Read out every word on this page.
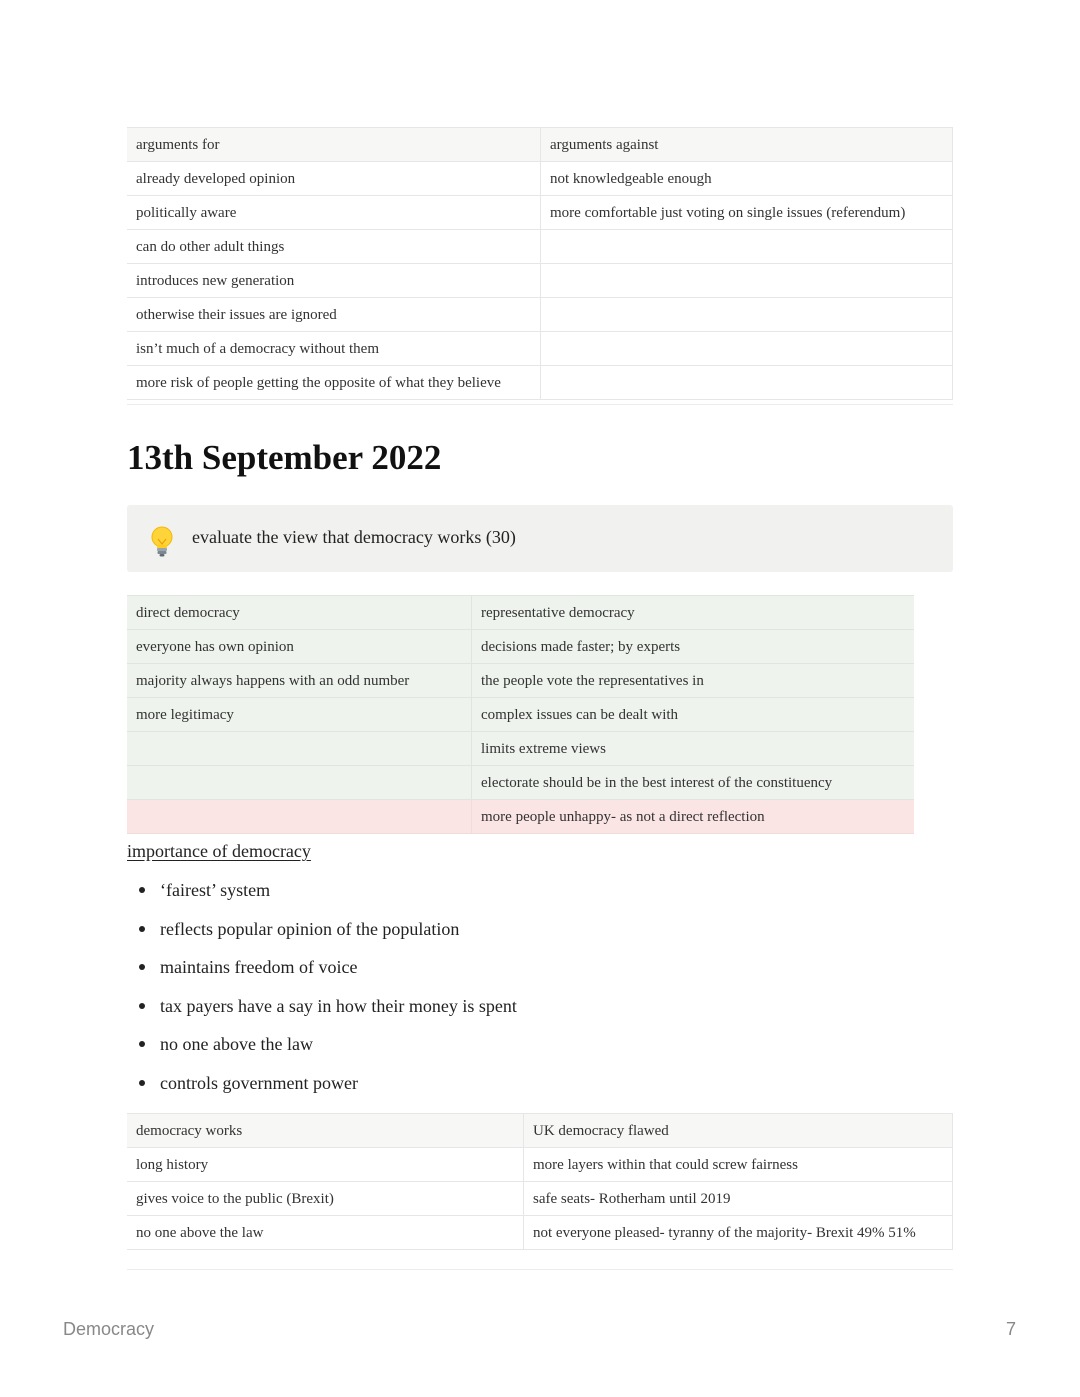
arguments for	arguments against
already developed opinion	not knowledgeable enough
politically aware	more comfortable just voting on single issues (referendum)
can do other adult things	
introduces new generation	
otherwise their issues are ignored	
isn’t much of a democracy without them	
more risk of people getting the opposite of what they believe	
13th September 2022
evaluate the view that democracy works (30)
direct democracy	representative democracy
everyone has own opinion	decisions made faster; by experts
majority always happens with an odd number	the people vote the representatives in
more legitimacy	complex issues can be dealt with
	limits extreme views
	electorate should be in the best interest of the constituency
	more people unhappy- as not a direct reflection
importance of democracy
‘fairest’ system
reflects popular opinion of the population
maintains freedom of voice
tax payers have a say in how their money is spent
no one above the law
controls government power
democracy works	UK democracy flawed
long history	more layers within that could screw fairness
gives voice to the public (Brexit)	safe seats- Rotherham until 2019
no one above the law	not everyone pleased- tyranny of the majority- Brexit 49% 51%
Democracy	7
